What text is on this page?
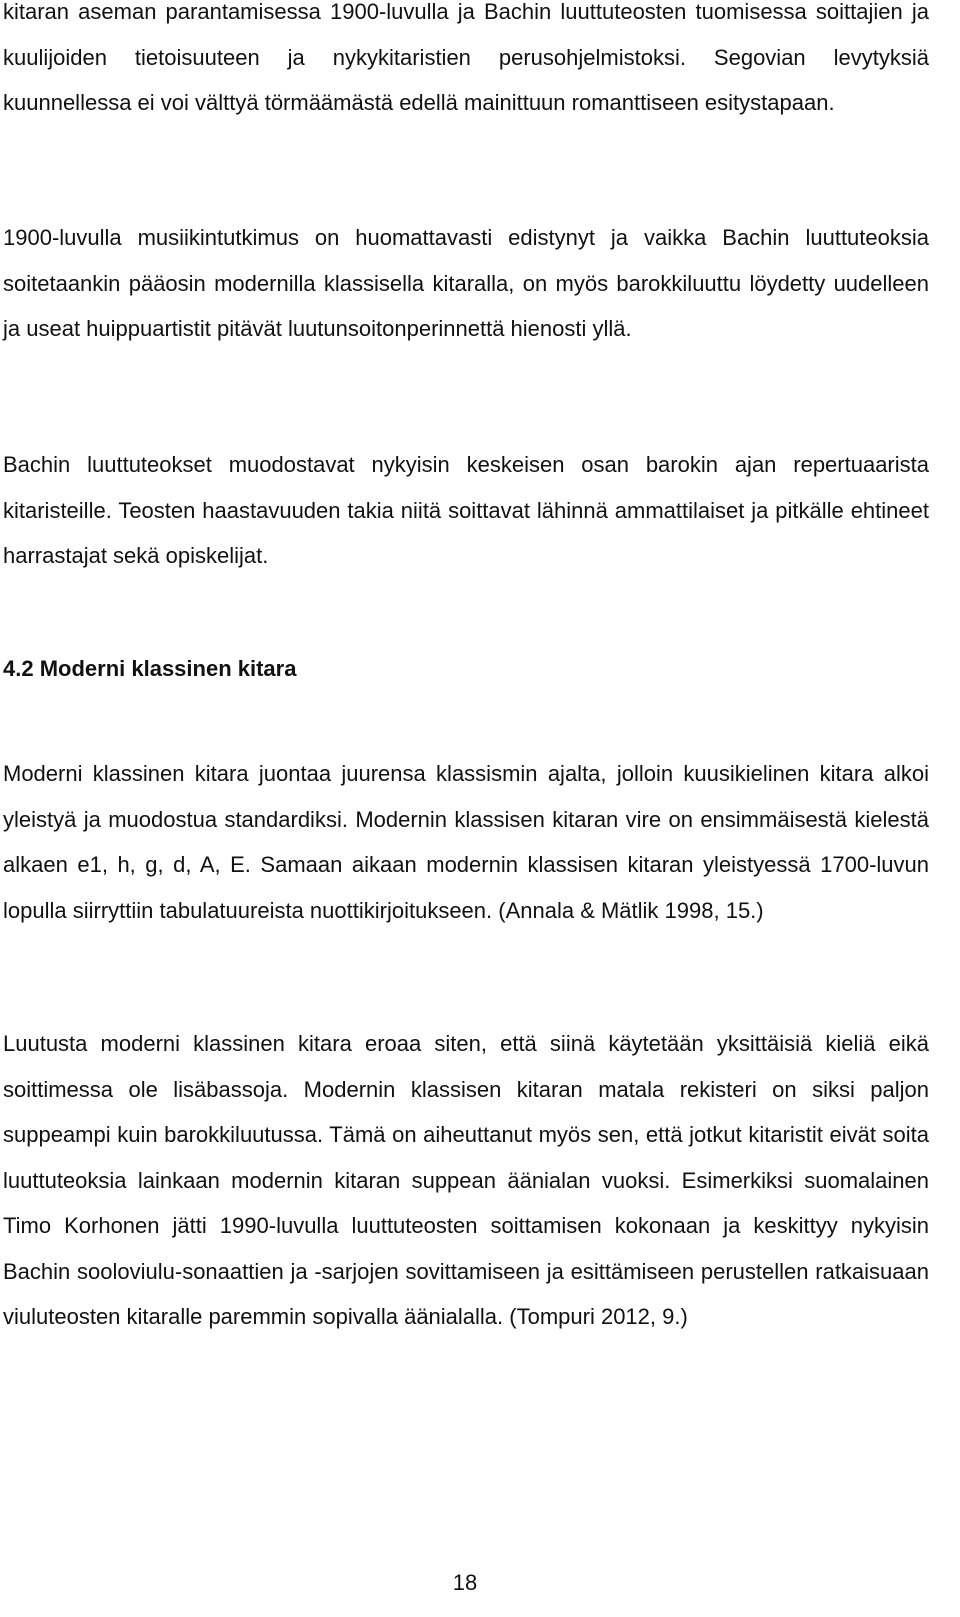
kitaran aseman parantamisessa 1900-luvulla ja Bachin luuttuteosten tuomisessa soittajien ja kuulijoiden tietoisuuteen ja nykykitaristien perusohjelmistoksi. Segovian levytyksiä kuunnellessa ei voi välttyä törmäämästä edellä mainittuun romanttiseen esitystapaan.

1900-luvulla musiikintutkimus on huomattavasti edistynyt ja vaikka Bachin luuttuteoksia soitetaankin pääosin modernilla klassisella kitaralla, on myös barokkiluuttu löydetty uudelleen ja useat huippuartistit pitävät luutunsoitonperinnettä hienosti yllä.

Bachin luuttuteokset muodostavat nykyisin keskeisen osan barokin ajan repertuaarista kitaristeille. Teosten haastavuuden takia niitä soittavat lähinnä ammattilaiset ja pitkälle ehtineet harrastajat sekä opiskelijat.

4.2 Moderni klassinen kitara

Moderni klassinen kitara juontaa juurensa klassismin ajalta, jolloin kuusikielinen kitara alkoi yleistyä ja muodostua standardiksi. Modernin klassisen kitaran vire on ensimmäisestä kielestä alkaen e1, h, g, d, A, E. Samaan aikaan modernin klassisen kitaran yleistyessä 1700-luvun lopulla siirryttiin tabulatuureista nuottikirjoitukseen. (Annala & Mätlik 1998, 15.)

Luutusta moderni klassinen kitara eroaa siten, että siinä käytetään yksittäisiä kieliä eikä soittimessa ole lisäbassoja. Modernin klassisen kitaran matala rekisteri on siksi paljon suppeampi kuin barokkiluutussa. Tämä on aiheuttanut myös sen, että jotkut kitaristit eivät soita luuttuteoksia lainkaan modernin kitaran suppean äänialan vuoksi. Esimerkiksi suomalainen Timo Korhonen jätti 1990-luvulla luuttuteosten soittamisen kokonaan ja keskittyy nykyisin Bachin sooloviulu-sonaattien ja -sarjojen sovittamiseen ja esittämiseen perustellen ratkaisuaan viuluteosten kitaralle paremmin sopivalla äänialalla. (Tompuri 2012, 9.)

18
